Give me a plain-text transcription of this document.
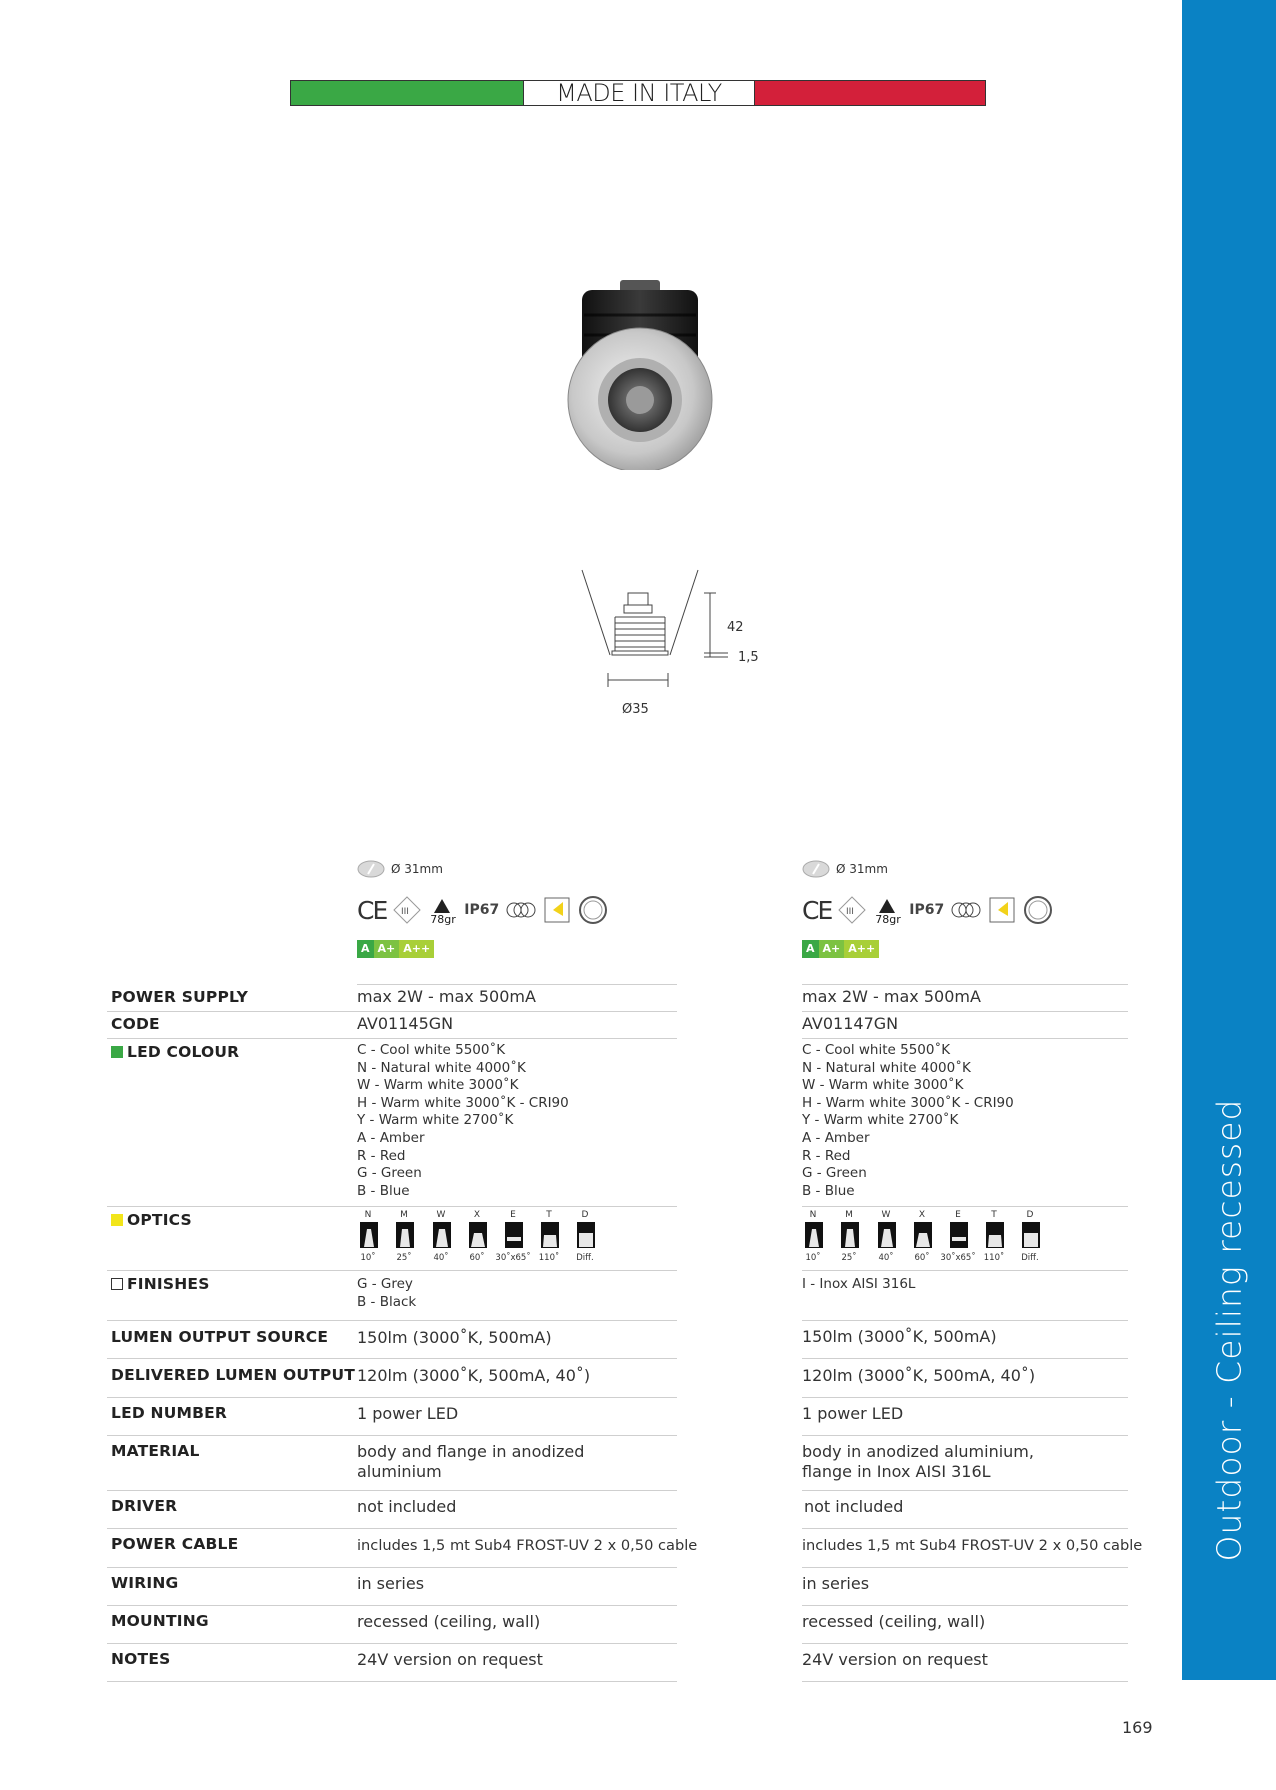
Outdoor - Ceiling recessed
MADE IN ITALY
42
1,5
Ø35
Ø 31mm
CE III
78gr
IP67
A A+ A++
Ø 31mm
CE III
78gr
IP67
A A+ A++
POWER SUPPLY
CODE
LED COLOUR
OPTICS
FINISHES
LUMEN OUTPUT SOURCE
DELIVERED LUMEN OUTPUT
LED NUMBER
MATERIAL
DRIVER
POWER CABLE
WIRING
MOUNTING
NOTES
max 2W - max 500mA
AV01145GN
C - Cool white 5500˚K
N - Natural white 4000˚K
W - Warm white 3000˚K
H - Warm white 3000˚K - CRI90
Y - Warm white 2700˚K
A - Amber
R - Red
G - Green
B - Blue
N
10˚
M
25˚
W
40˚
X
60˚
E
30˚x65˚
T
110˚
D
Diff.
G - Grey
B - Black
150lm (3000˚K, 500mA)
120lm (3000˚K, 500mA, 40˚)
1 power LED
body and flange in anodized
aluminium
not included
includes 1,5 mt Sub4 FROST-UV 2 x 0,50 cable
in series
recessed (ceiling, wall)
24V version on request
max 2W - max 500mA
AV01147GN
C - Cool white 5500˚K
N - Natural white 4000˚K
W - Warm white 3000˚K
H - Warm white 3000˚K - CRI90
Y - Warm white 2700˚K
A - Amber
R - Red
G - Green
B - Blue
N
10˚
M
25˚
W
40˚
X
60˚
E
30˚x65˚
T
110˚
D
Diff.
I - Inox AISI 316L
150lm (3000˚K, 500mA)
120lm (3000˚K, 500mA, 40˚)
1 power LED
body in anodized aluminium,
flange in Inox AISI 316L
not included
includes 1,5 mt Sub4 FROST-UV 2 x 0,50 cable
in series
recessed (ceiling, wall)
24V version on request
169
